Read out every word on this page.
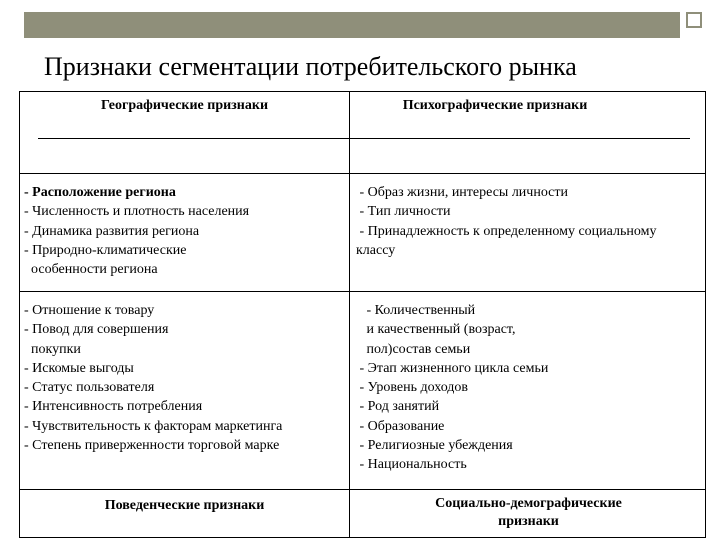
Признаки сегментации потребительского рынка
Географические признаки	Психографические признаки
- Расположение региона
- Численность и плотность населения
- Динамика развития региона
- Природно-климатические
особенности региона
- Образ жизни, интересы личности
- Тип личности
- Принадлежность к определенному социальному
классу
- Отношение к товару
- Повод для совершения
покупки
- Искомые выгоды
- Статус пользователя
- Интенсивность потребления
- Чувствительность к факторам маркетинга
- Степень приверженности торговой марке
- Количественный
и качественный (возраст,
пол)состав семьи
- Этап жизненного цикла семьи
- Уровень доходов
- Род занятий
- Образование
- Религиозные убеждения
- Национальность
Поведенческие признаки	Социально-демографические
признаки
